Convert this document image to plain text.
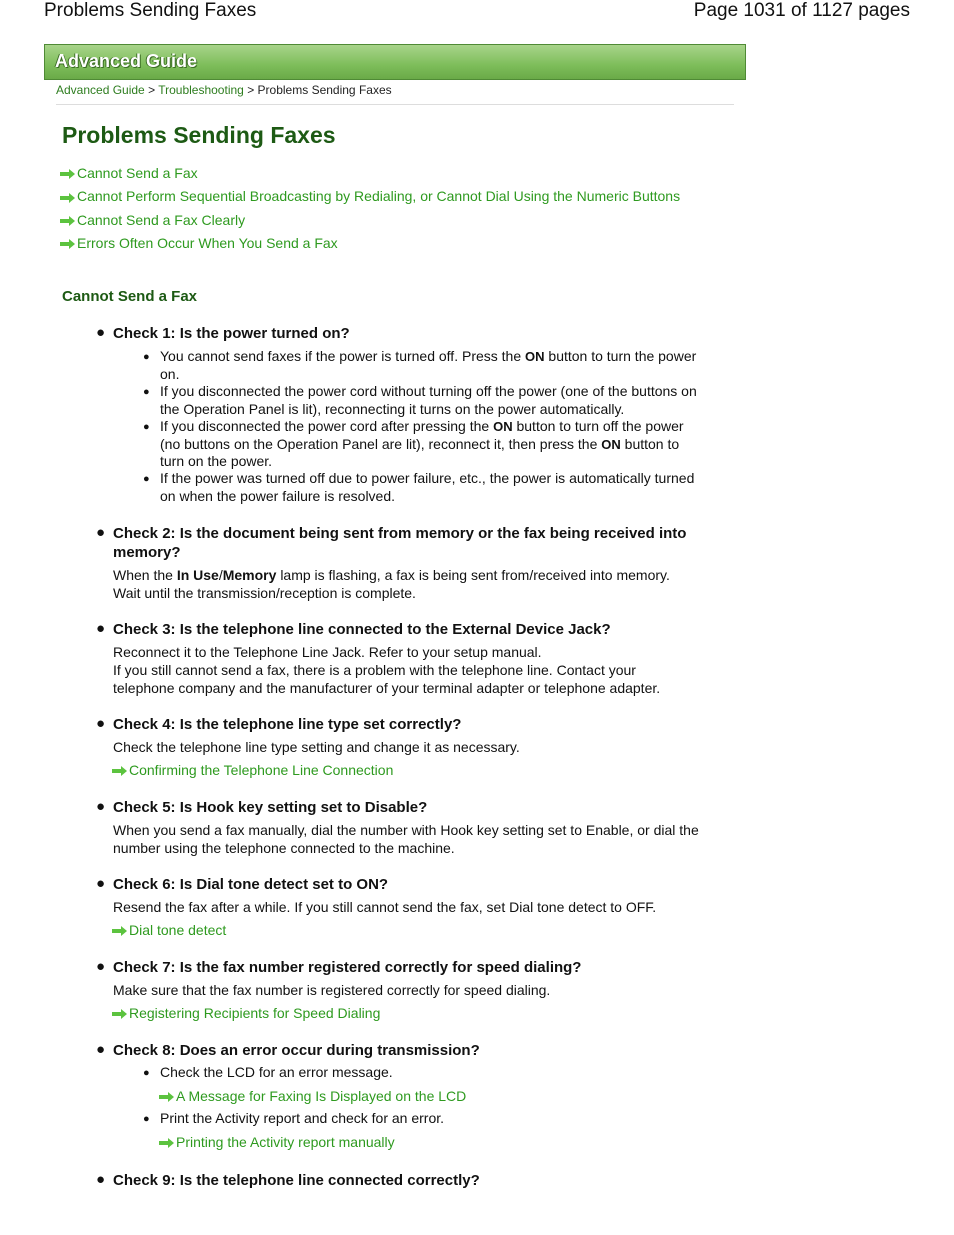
Problems Sending Faxes	Page 1031 of 1127 pages
Advanced Guide
Advanced Guide > Troubleshooting > Problems Sending Faxes
Problems Sending Faxes
Cannot Send a Fax
Cannot Perform Sequential Broadcasting by Redialing, or Cannot Dial Using the Numeric Buttons
Cannot Send a Fax Clearly
Errors Often Occur When You Send a Fax
Cannot Send a Fax
● Check 1: Is the power turned on?
● You cannot send faxes if the power is turned off. Press the ON button to turn the power
on.
● If you disconnected the power cord without turning off the power (one of the buttons on
the Operation Panel is lit), reconnecting it turns on the power automatically.
● If you disconnected the power cord after pressing the ON button to turn off the power
(no buttons on the Operation Panel are lit), reconnect it, then press the ON button to
turn on the power.
● If the power was turned off due to power failure, etc., the power is automatically turned
on when the power failure is resolved.
● Check 2: Is the document being sent from memory or the fax being received into
memory?
When the In Use/Memory lamp is flashing, a fax is being sent from/received into memory.
Wait until the transmission/reception is complete.
● Check 3: Is the telephone line connected to the External Device Jack?
Reconnect it to the Telephone Line Jack. Refer to your setup manual.
If you still cannot send a fax, there is a problem with the telephone line. Contact your
telephone company and the manufacturer of your terminal adapter or telephone adapter.
● Check 4: Is the telephone line type set correctly?
Check the telephone line type setting and change it as necessary.
Confirming the Telephone Line Connection
● Check 5: Is Hook key setting set to Disable?
When you send a fax manually, dial the number with Hook key setting set to Enable, or dial the
number using the telephone connected to the machine.
● Check 6: Is Dial tone detect set to ON?
Resend the fax after a while. If you still cannot send the fax, set Dial tone detect to OFF.
Dial tone detect
● Check 7: Is the fax number registered correctly for speed dialing?
Make sure that the fax number is registered correctly for speed dialing.
Registering Recipients for Speed Dialing
● Check 8: Does an error occur during transmission?
● Check the LCD for an error message.
A Message for Faxing Is Displayed on the LCD
● Print the Activity report and check for an error.
Printing the Activity report manually
● Check 9: Is the telephone line connected correctly?
